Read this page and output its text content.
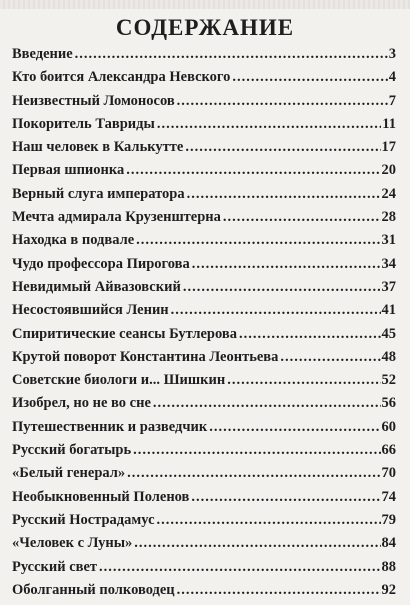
СОДЕРЖАНИЕ
Введение .....	3
Кто боится Александра Невского .....	4
Неизвестный Ломоносов .....	7
Покоритель Тавриды .....	11
Наш человек в Калькутте .....	17
Первая шпионка .....	20
Верный слуга императора .....	24
Мечта адмирала Крузенштерна .....	28
Находка в подвале .....	31
Чудо профессора Пирогова .....	34
Невидимый Айвазовский .....	37
Несостоявшийся Ленин .....	41
Спиритические сеансы Бутлерова .....	45
Крутой поворот Константина Леонтьева .....	48
Советские биологи и... Шишкин .....	52
Изобрел, но не во сне .....	56
Путешественник и разведчик .....	60
Русский богатырь .....	66
«Белый генерал» .....	70
Необыкновенный Поленов .....	74
Русский Нострадамус .....	79
«Человек с Луны» .....	84
Русский свет .....	88
Оболганный полководец .....	92
